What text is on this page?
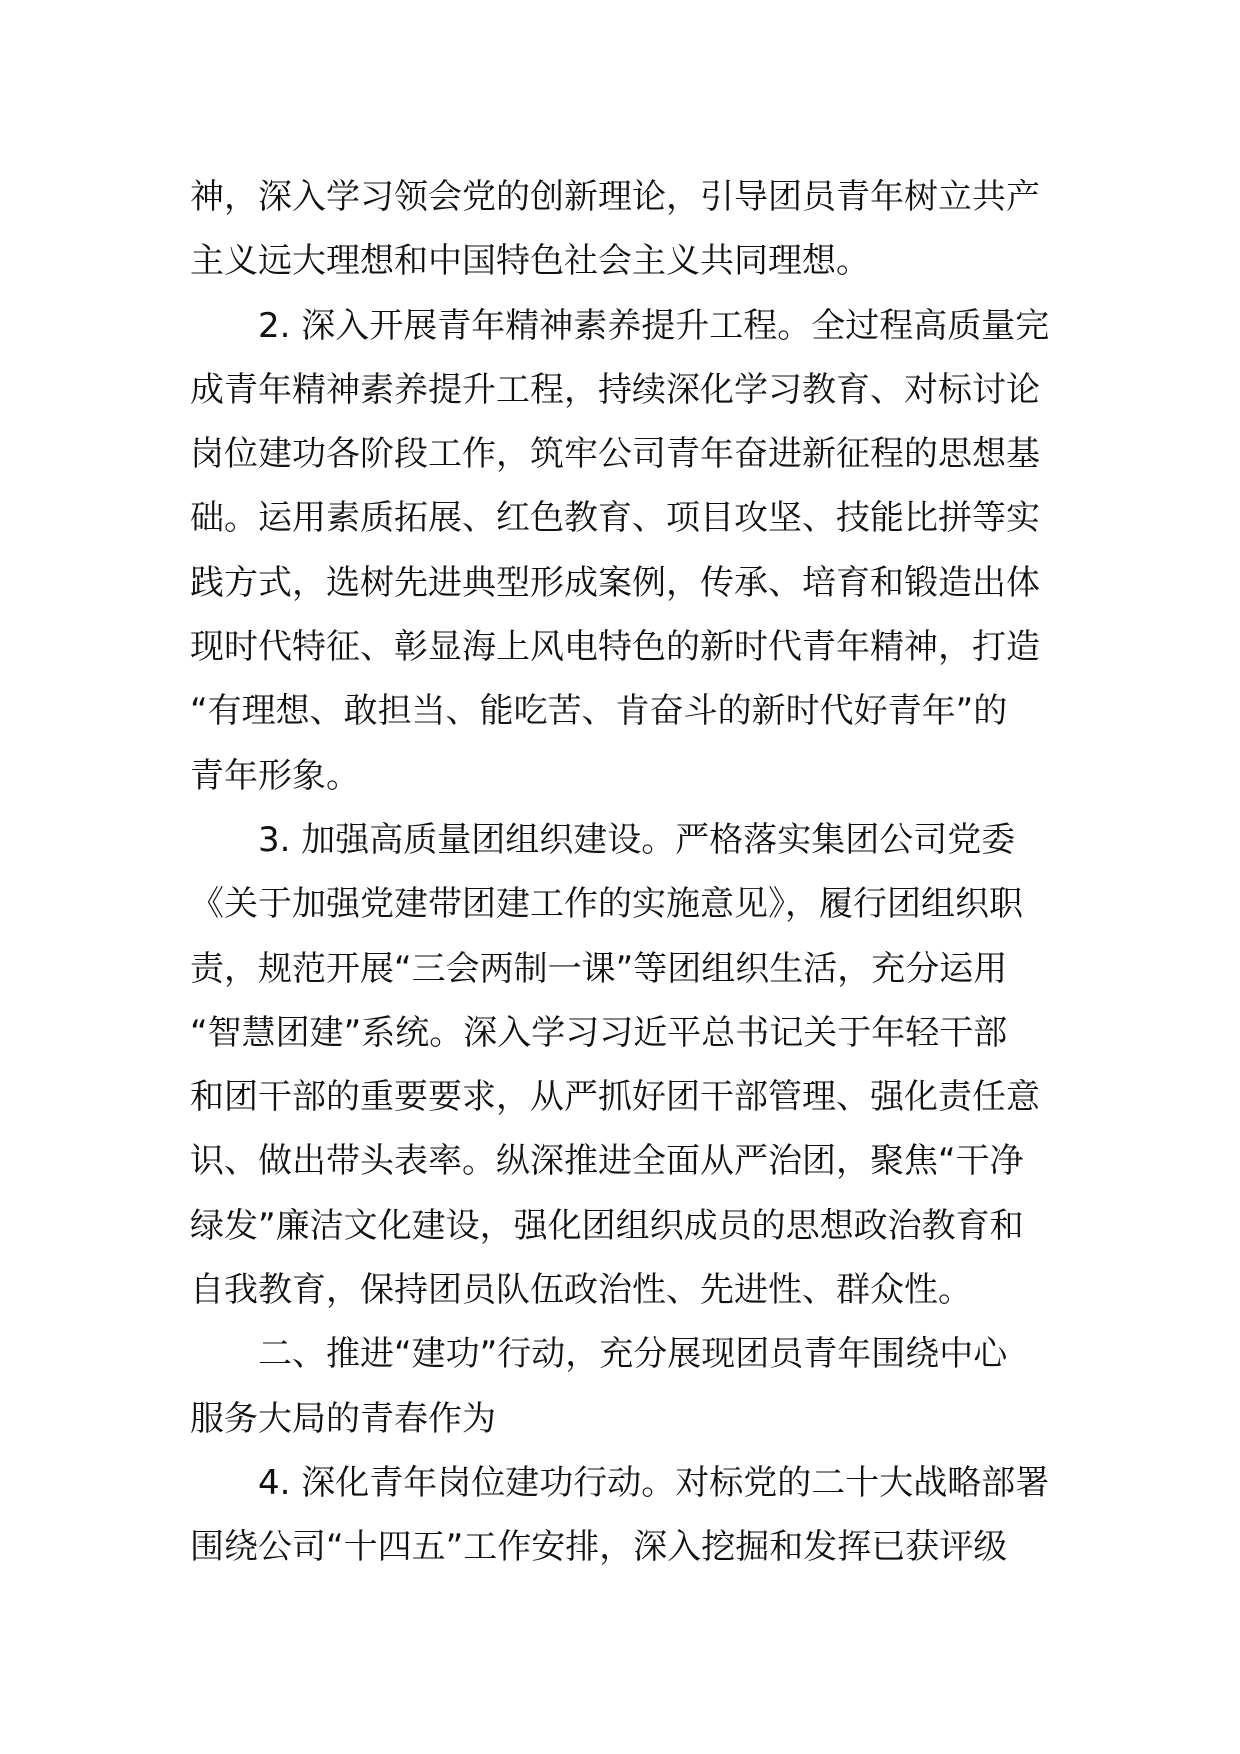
神，深入学习领会党的创新理论，引导团员青年树立共产
主义远大理想和中国特色社会主义共同理想。
2. 深入开展青年精神素养提升工程。全过程高质量完
成青年精神素养提升工程，持续深化学习教育、对标讨论
岗位建功各阶段工作，筑牢公司青年奋进新征程的思想基
础。运用素质拓展、红色教育、项目攻坚、技能比拼等实
践方式，选树先进典型形成案例，传承、培育和锻造出体
现时代特征、彰显海上风电特色的新时代青年精神，打造
“有理想、敢担当、能吃苦、肯奋斗的新时代好青年”的
青年形象。
3. 加强高质量团组织建设。严格落实集团公司党委
《关于加强党建带团建工作的实施意见》，履行团组织职
责，规范开展“三会两制一课”等团组织生活，充分运用
“智慧团建”系统。深入学习习近平总书记关于年轻干部
和团干部的重要要求，从严抓好团干部管理、强化责任意
识、做出带头表率。纵深推进全面从严治团，聚焦“干净
绿发”廉洁文化建设，强化团组织成员的思想政治教育和
自我教育，保持团员队伍政治性、先进性、群众性。
二、推进“建功”行动，充分展现团员青年围绕中心
服务大局的青春作为
4. 深化青年岗位建功行动。对标党的二十大战略部署
围绕公司“十四五”工作安排，深入挖掘和发挥已获评级
